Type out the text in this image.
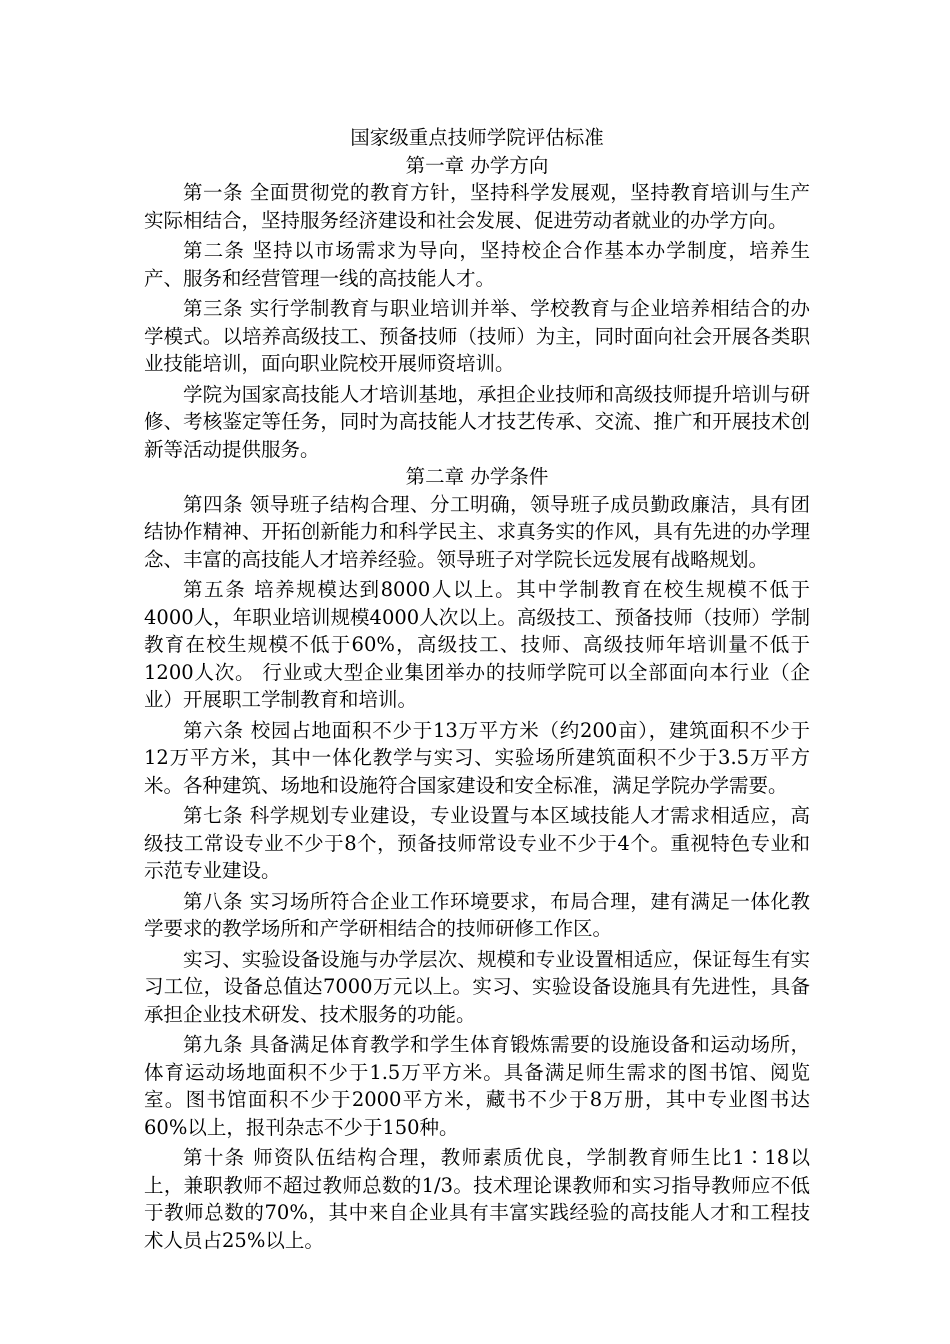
国家级重点技师学院评估标准
第一章 办学方向

第一条 全面贯彻党的教育方针，坚持科学发展观，坚持教育培训与生产实际相结合，坚持服务经济建设和社会发展、促进劳动者就业的办学方向。

第二条 坚持以市场需求为导向，坚持校企合作基本办学制度，培养生产、服务和经营管理一线的高技能人才。

第三条 实行学制教育与职业培训并举、学校教育与企业培养相结合的办学模式。以培养高级技工、预备技师（技师）为主，同时面向社会开展各类职业技能培训，面向职业院校开展师资培训。

学院为国家高技能人才培训基地，承担企业技师和高级技师提升培训与研修、考核鉴定等任务，同时为高技能人才技艺传承、交流、推广和开展技术创新等活动提供服务。

第二章 办学条件

第四条 领导班子结构合理、分工明确，领导班子成员勤政廉洁，具有团结协作精神、开拓创新能力和科学民主、求真务实的作风，具有先进的办学理念、丰富的高技能人才培养经验。领导班子对学院长远发展有战略规划。

第五条 培养规模达到8000人以上。其中学制教育在校生规模不低于4000人，年职业培训规模4000人次以上。高级技工、预备技师（技师）学制教育在校生规模不低于60%，高级技工、技师、高级技师年培训量不低于1200人次。 行业或大型企业集团举办的技师学院可以全部面向本行业（企业）开展职工学制教育和培训。

第六条 校园占地面积不少于13万平方米（约200亩），建筑面积不少于12万平方米，其中一体化教学与实习、实验场所建筑面积不少于3.5万平方米。各种建筑、场地和设施符合国家建设和安全标准，满足学院办学需要。

第七条 科学规划专业建设，专业设置与本区域技能人才需求相适应，高级技工常设专业不少于8个，预备技师常设专业不少于4个。重视特色专业和示范专业建设。

第八条 实习场所符合企业工作环境要求，布局合理，建有满足一体化教学要求的教学场所和产学研相结合的技师研修工作区。

实习、实验设备设施与办学层次、规模和专业设置相适应，保证每生有实习工位，设备总值达7000万元以上。实习、实验设备设施具有先进性，具备承担企业技术研发、技术服务的功能。

第九条 具备满足体育教学和学生体育锻炼需要的设施设备和运动场所，体育运动场地面积不少于1.5万平方米。具备满足师生需求的图书馆、阅览室。图书馆面积不少于2000平方米，藏书不少于8万册，其中专业图书达60%以上，报刊杂志不少于150种。

第十条 师资队伍结构合理，教师素质优良，学制教育师生比1∶18以上，兼职教师不超过教师总数的1/3。技术理论课教师和实习指导教师应不低于教师总数的70%，其中来自企业具有丰富实践经验的高技能人才和工程技术人员占25%以上。
